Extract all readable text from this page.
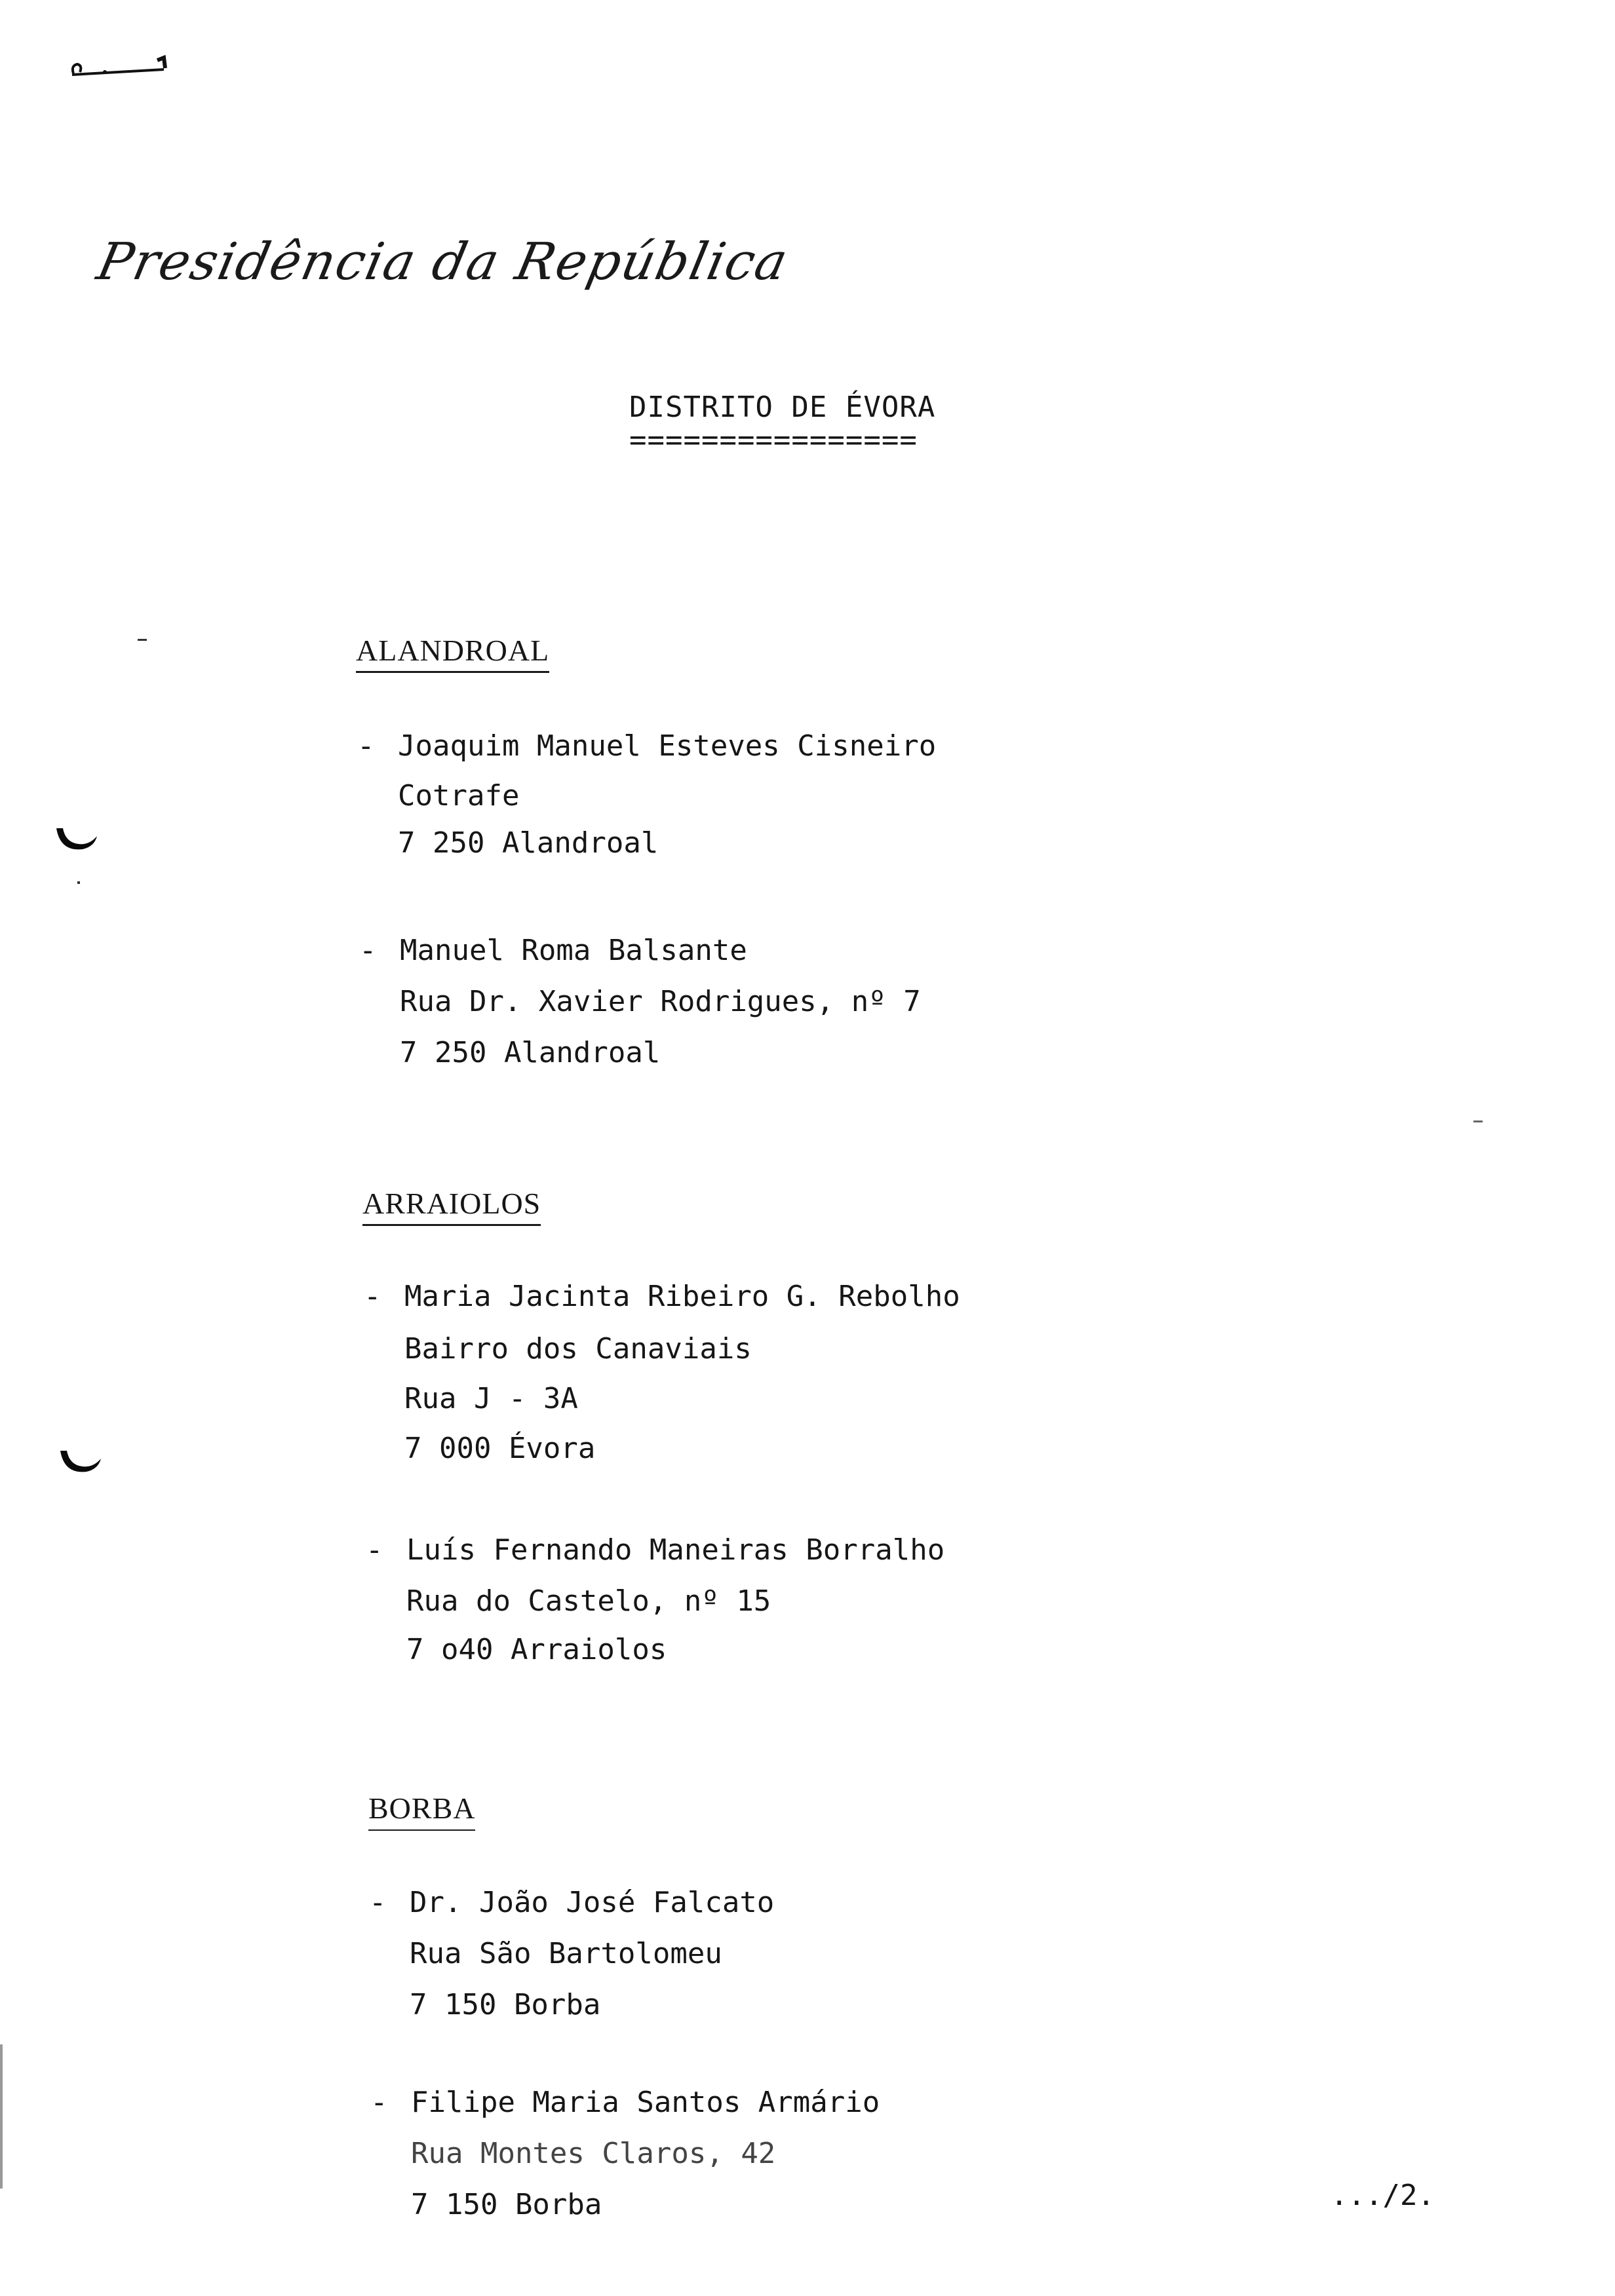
Presidência da República
DISTRITO DE ÉVORA
================
ALANDROAL
- Joaquim Manuel Esteves Cisneiro
Cotrafe
7 250 Alandroal
- Manuel Roma Balsante
Rua Dr. Xavier Rodrigues, nº 7
7 250 Alandroal
ARRAIOLOS
- Maria Jacinta Ribeiro G. Rebolho
Bairro dos Canaviais
Rua J - 3A
7 000 Évora
- Luís Fernando Maneiras Borralho
Rua do Castelo, nº 15
7 o40 Arraiolos
BORBA
- Dr. João José Falcato
Rua São Bartolomeu
7 150 Borba
- Filipe Maria Santos Armário
Rua Montes Claros, 42
7 150 Borba	.../2.
